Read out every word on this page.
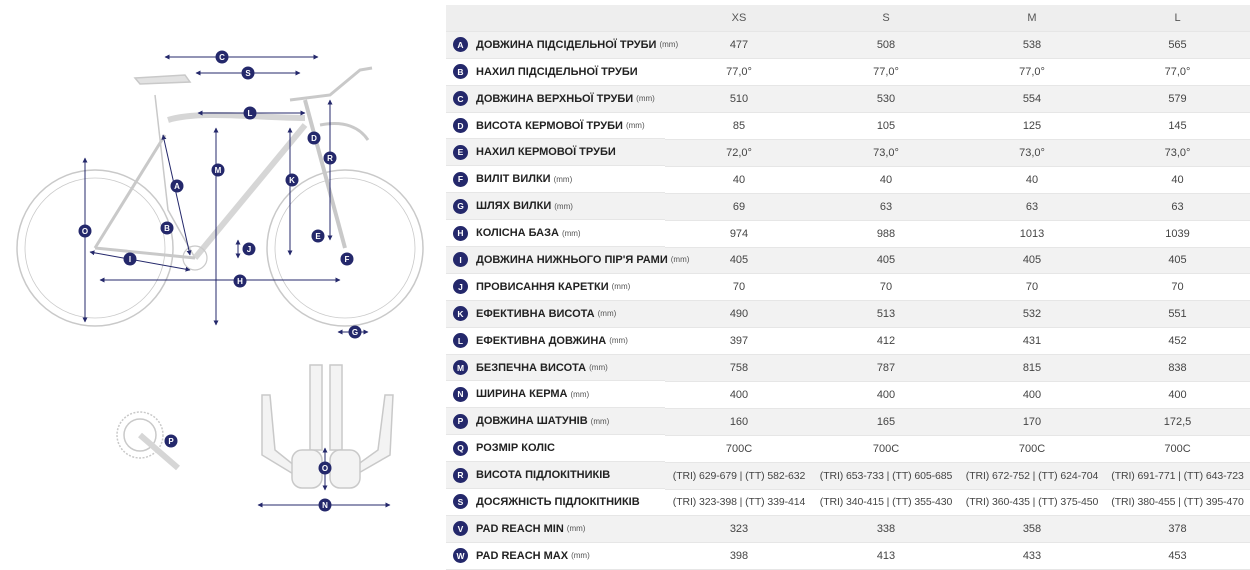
C
S
L
D
R
M
K
A
O	B
J
E
I	F
H
G
P
O
N
	XS	S	M	L

A	ДОВЖИНА ПІДСІДЕЛЬНОЇ ТРУБИ (mm)	477	508	538	565

B	НАХИЛ ПІДСІДЕЛЬНОЇ ТРУБИ	77,0°	77,0°	77,0°	77,0°

C	ДОВЖИНА ВЕРХНЬОЇ ТРУБИ (mm)	510	530	554	579

D	ВИСОТА КЕРМОВОЇ ТРУБИ (mm)	85	105	125	145

E	НАХИЛ КЕРМОВОЇ ТРУБИ	72,0°	73,0°	73,0°	73,0°

F	ВИЛІТ ВИЛКИ (mm)	40	40	40	40

G	ШЛЯХ ВИЛКИ (mm)	69	63	63	63

H	КОЛІСНА БАЗА (mm)	974	988	1013	1039

I	ДОВЖИНА НИЖНЬОГО ПІР'Я РАМИ (mm)	405	405	405	405

J	ПРОВИСАННЯ КАРЕТКИ (mm)	70	70	70	70

K	ЕФЕКТИВНА ВИСОТА (mm)	490	513	532	551

L	ЕФЕКТИВНА ДОВЖИНА (mm)	397	412	431	452

M	БЕЗПЕЧНА ВИСОТА (mm)	758	787	815	838

N	ШИРИНА КЕРМА (mm)	400	400	400	400

P	ДОВЖИНА ШАТУНІВ (mm)	160	165	170	172,5

Q	РОЗМІР КОЛІС	700C	700C	700C	700C

R	ВИСОТА ПІДЛОКІТНИКІВ	(TRI) 629-679 | (TT) 582-632	(TRI) 653-733 | (TT) 605-685	(TRI) 672-752 | (TT) 624-704	(TRI) 691-771 | (TT) 643-723

S	ДОСЯЖНІСТЬ ПІДЛОКІТНИКІВ	(TRI) 323-398 | (TT) 339-414	(TRI) 340-415 | (TT) 355-430	(TRI) 360-435 | (TT) 375-450	(TRI) 380-455 | (TT) 395-470

V	PAD REACH MIN (mm)	323	338	358	378

W	PAD REACH MAX (mm)	398	413	433	453
